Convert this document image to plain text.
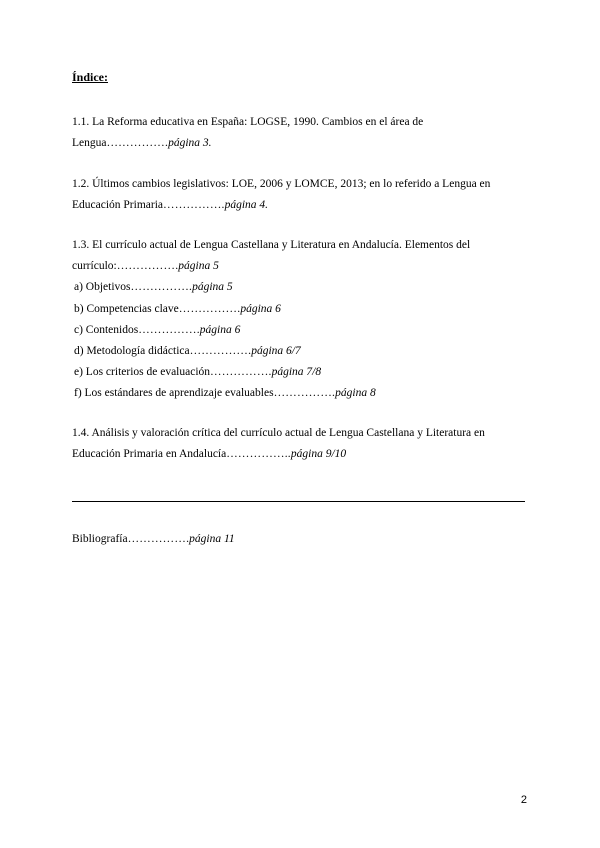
Índice:
1.1. La Reforma educativa en España: LOGSE, 1990. Cambios en el área de Lengua…………….página 3.
1.2. Últimos cambios legislativos: LOE, 2006 y LOMCE, 2013; en lo referido a Lengua en Educación Primaria…………….página 4.
1.3. El currículo actual de Lengua Castellana y Literatura en Andalucía. Elementos del currículo:…………….página 5
a) Objetivos…………….página 5
b) Competencias clave…………….página 6
c) Contenidos…………….página 6
d) Metodología didáctica…………….página 6/7
e) Los criterios de evaluación…………….página 7/8
f) Los estándares de aprendizaje evaluables…………….página 8
1.4. Análisis y valoración crítica del currículo actual de Lengua Castellana y Literatura en Educación Primaria en Andalucía……………..página 9/10
Bibliografía…………….página 11
2
